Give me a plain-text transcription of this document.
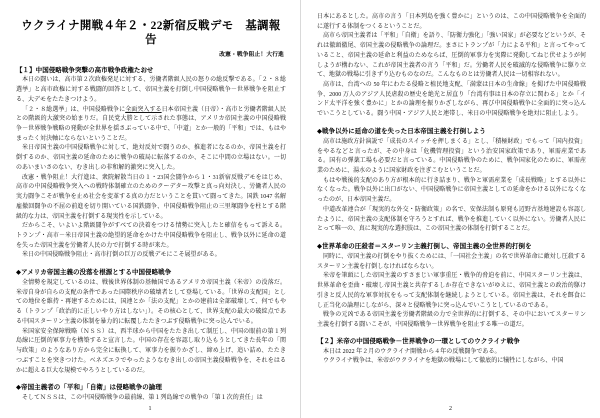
ウクライナ開戦４年２・22新宿反戦デモ　基調報告
改憲・戦争阻止！大行進
【１】中国侵略戦争突撃の高市戦争政権たおせ

本日の闘いは、高市第２次政権発足に対する、労働者階級人民の怒りの総反撃である。「２・８総選挙」と高市政権に対する戦闘的回答として、帝国主義を打倒し中国侵略戦争－世界戦争を阻止する、大デモをたたきつけよう。

「２・８総選挙」は、中国侵略戦争に全面突入する日本帝国主義（日帝）・高市と労働者階級人民との階級的大激突の始まりだ。自民党大勝として示された事態は、アメリカ帝国主義の中国侵略戦争－世界戦争戦略の発動が全世界を揺さぶっている中で、「中道」とか一般的「平和」では、もはやまったく対決軸にならないということだ。

米日帝国主義の中国侵略戦争に対して、絶対反対で闘うのか、推進者になるのか、帝国主義を打倒するのか、帝国主義の延命のために戦争の破局に転落するのか、そこに中間の立場はない。一切のあいまいさのない、むき出しの非和解的激突に突入した。

改憲・戦争阻止！大行進は、衆院解散当日の１・23国会闘争から１・31新宿反戦デモをはじめ、高市の中国侵略戦争突入への戦時体制確立のためのクーデター攻撃と真っ向対決し、労働者人民の実力闘争こそが戦争を止め社会を変革する真の力だということを貫いて闘ってきた。国鉄 1047 名解雇撤回闘争の不屈の前進を切り開いている国鉄闘争、中国侵略戦争阻止の三里塚闘争を柱とする階級的な力は、帝国主義を打倒する現実性を示している。

だからこそ、いよいよ階級闘争がすべての決着をつける情勢に突入したと確信をもって訴える。トランプ・高市－米日帝国主義の絶望的延命をかけた中国侵略戦争を阻止し、戦争以外に延命の道を失った帝国主義を労働者人民の力で打倒する時が来た。

米日の中国侵略戦争阻止・高市打倒の巨万の反戦デモにこそ展望がある。

◆アメリカ帝国主義の没落を根源とする中国侵略戦争

全情勢を規定しているのは、戦後世界体制の基軸国であるアメリカ帝国主義（米帝）の没落だ。米帝自身が自らの支配の条件であった国際秩序の破壊者として登場している。「世界の支配国」としての地位を維持・再建するためには、国連とか「法の支配」とかの建前は全部破壊して、何でもやる（トランプ「政治的に正しいやり方はしない」）。その核心として、世界支配の最大の破綻点である中国スターリン主義の体制を暴力的に転覆したたきつぶす侵略戦争に突っ込んでいる。

米国家安全保障戦略（ＮＳＳ）は、西半球から中国をたたき出して制圧し、中国の眼前の第１列島線に圧倒的軍事力を構築すると宣言した。中国の存在を容認し取り込もうとしてきた長年の「関与政策」のようなあり方から完全に転換して、軍事力を振りかざし、締め上げ、追い詰め、たたきつぶすことを突きつけた。ベネズエラでやったようなむき出しの帝国主義侵略戦争を、それをはるかに超える巨大な規模でやろうとしているのだ。

◆帝国主義者の「平和」「自衛」は侵略戦争の論理

そしてＮＳＳは、この中国侵略戦争の最前線、第１列島線での戦争の「第１次的責任」は

1

日本にあるとした。高市の言う「日本列島を強く豊かに」というのは、この中国侵略戦争を全面的に遂行する体制をつくるということだ。

高市ら帝国主義者は「平和」「自衛」を語り、「防衛力強化」「強い国家」が必要などというが、それは徹頭徹尾、帝国主義の侵略戦争の論理だ。まさにトランプが「力による平和」と言ってやっていること、帝国主義の延命と利益のためならば、圧倒的軍事力を実際に発動してねじ伏せようが何しようが構わない、これが帝国主義者の言う「平和」だ。労働者人民を破滅的な侵略戦争に駆り立て、地獄の戦場に引きずり込むものなのだ。こんなものとは労働者人民は一切相容れない。

高市は、台湾への 50 年にわたる侵略と植民地支配、「満蒙は日本の生命線」を掲げた中国侵略戦争、2000 万人のアジア人民虐殺の歴史を絶光と居直り「台湾有事は日本の存立に関わる」とか「インド太平洋を強く豊かに」とかの論理を振りかざしながら、再び中国侵略戦争に全面的に突っ込んでいこうとしている。闘う中国・アジア人民と連帯し、米日の中国侵略戦争を絶対に阻止しよう。

◆戦争以外に延命の道を失った日本帝国主義を打倒しよう

高市は施政方針演説で「成長のスイッチを押しまくる」とし、「積極財政」でもって「国内投資」をやるなどと言ったが、その中身は「危機管理投資」という治安国家政策であり、軍需産業である。国有の弾薬工場も必要だと言っている。中国侵略戦争のために、戦争国家化のために、軍需産業のために、湯水のように国家財政を注ぎこむということだ。

もはや戦後的支配のあり方が根本的に行き詰まり、戦争と軍需産業を「成長戦略」とする以外になくなった。戦争以外に出口がない、中国侵略戦争に帝国主義としての延命をかける以外になくなったのが、日本帝国主義だ。

中道改革連合が「現実的な外交・防衛政策」の名で、安保法制も原発も辺野古基地建設も容認したように、帝国主義の支配体制を守ろうとすれば、戦争を推進していく以外にない。労働者人民にとって唯一の、真に現実的な選択肢は、この帝国主義の体制を打倒することだ。

◆世界革命の圧殺者＝スターリン主義打倒し、帝国主義の全世界的打倒を

同時に、帝国主義の打倒をやり抜くためには、「一国社会主義」の名で世界革命に敵対し圧殺するスターリン主義を打倒しなければならない。

米帝を筆頭にした帝国主義のすさまじい軍事重圧・戦争的脅迫を前に、中国スターリン主義は、世界革命を歪曲・破壊し帝国主義と共存するしか存在できないがゆえに、帝国主義との政治的駆け引きと反人民的な軍事対抗をもって支配体制を継続しようとしている。帝国主義は、それを餌食にし正当化の論理にしながら、深々と侵略戦争に突っ込んでいこうとしているのである。

戦争の元凶である帝国主義を労働者階級の力で全世界的に打倒する、その中においてスターリン主義を打倒する闘いこそが、中国侵略戦争－世界戦争を阻止する唯一の道だ。

【２】米帝の中国侵略戦争－世界戦争の一環としてのウクライナ戦争

本日は 2022 年２月のウクライナ開戦から４年の反戦闘争である。

ウクライナ戦争は、米帝がウクライナを地獄の戦場にして徹底的に犠牲にしながら、中国

2
